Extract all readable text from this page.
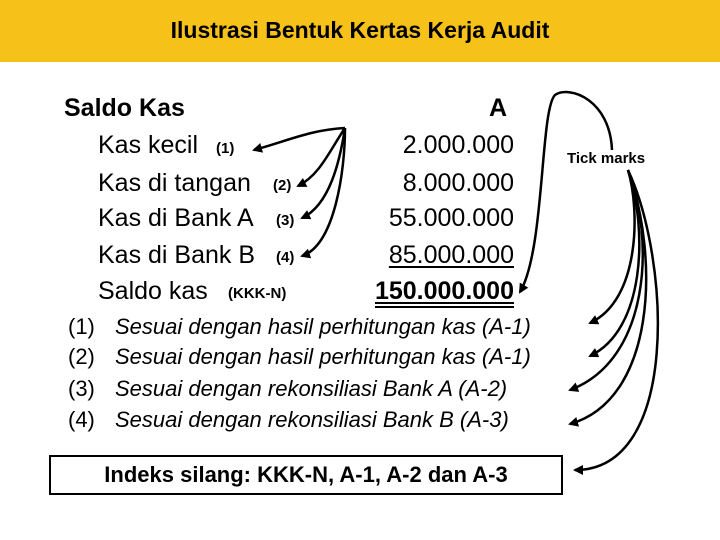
Ilustrasi Bentuk Kertas Kerja Audit
Saldo Kas	A
Kas kecil (1)
Kas di tangan (2)
Kas di Bank A (3)
Kas di Bank B (4)
Saldo kas (KKK-N)
2.000.000
8.000.000
55.000.000
85.000.000
150.000.000
Tick marks
(1) Sesuai dengan hasil perhitungan kas (A-1)
(2) Sesuai dengan hasil perhitungan kas (A-1)
(3) Sesuai dengan rekonsiliasi Bank A (A-2)
(4) Sesuai dengan rekonsiliasi Bank B (A-3)
Indeks silang: KKK-N, A-1, A-2 dan A-3
